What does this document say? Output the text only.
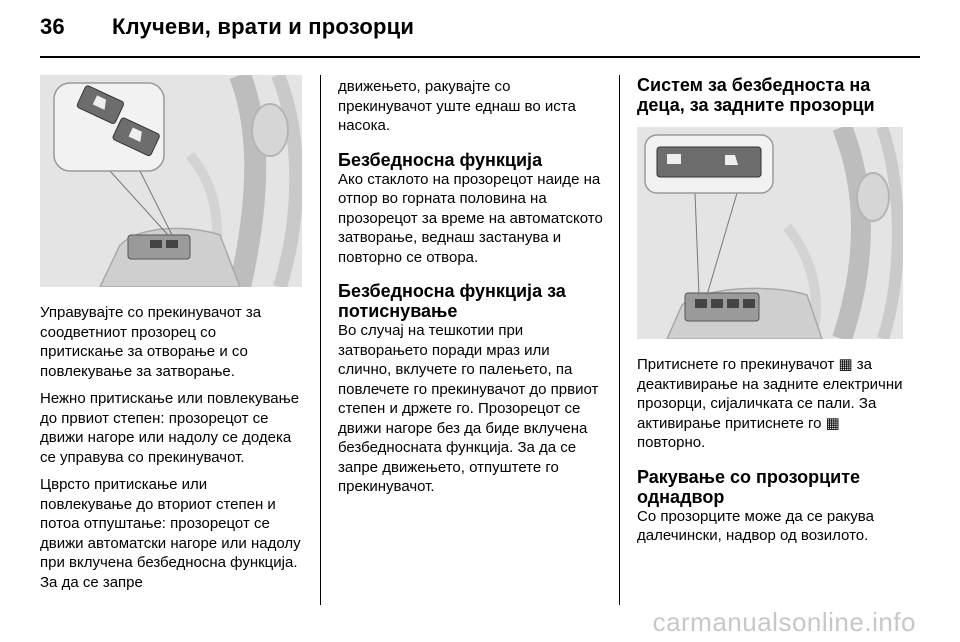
36 Клучеви, врати и прозорци

Управувајте со прекинувачот за соодветниот прозорец со притискање за отворање и со повлекување за затворање.

Нежно притискање или повлекување до првиот степен: прозорецот се движи нагоре или надолу се додека се управува со прекинувачот.

Цврсто притискање или повлекување до вториот степен и потоа отпуштање: прозорецот се движи автоматски нагоре или надолу при вклучена безбедносна функција. За да се запре

движењето, ракувајте со прекинувачот уште еднаш во иста насока.

Безбедносна функција

Ако стаклото на прозорецот наиде на отпор во горната половина на прозорецот за време на автоматското затворање, веднаш застанува и повторно се отвора.

Безбедносна функција за потиснување

Во случај на тешкотии при затворањето поради мраз или слично, вклучете го палењето, па повлечете го прекинувачот до првиот степен и држете го. Прозорецот се движи нагоре без да биде вклучена безбедносната функција. За да се запре движењето, отпуштете го прекинувачот.

Систем за безбедноста на деца, за задните прозорци

Притиснете го прекинувачот ▦ за деактивирање на задните електрични прозорци, сијаличката се пали. За активирање притиснете го ▦ повторно.

Ракување со прозорците однадвор

Со прозорците може да се ракува далечински, надвор од возилото.

carmanualsonline.info
